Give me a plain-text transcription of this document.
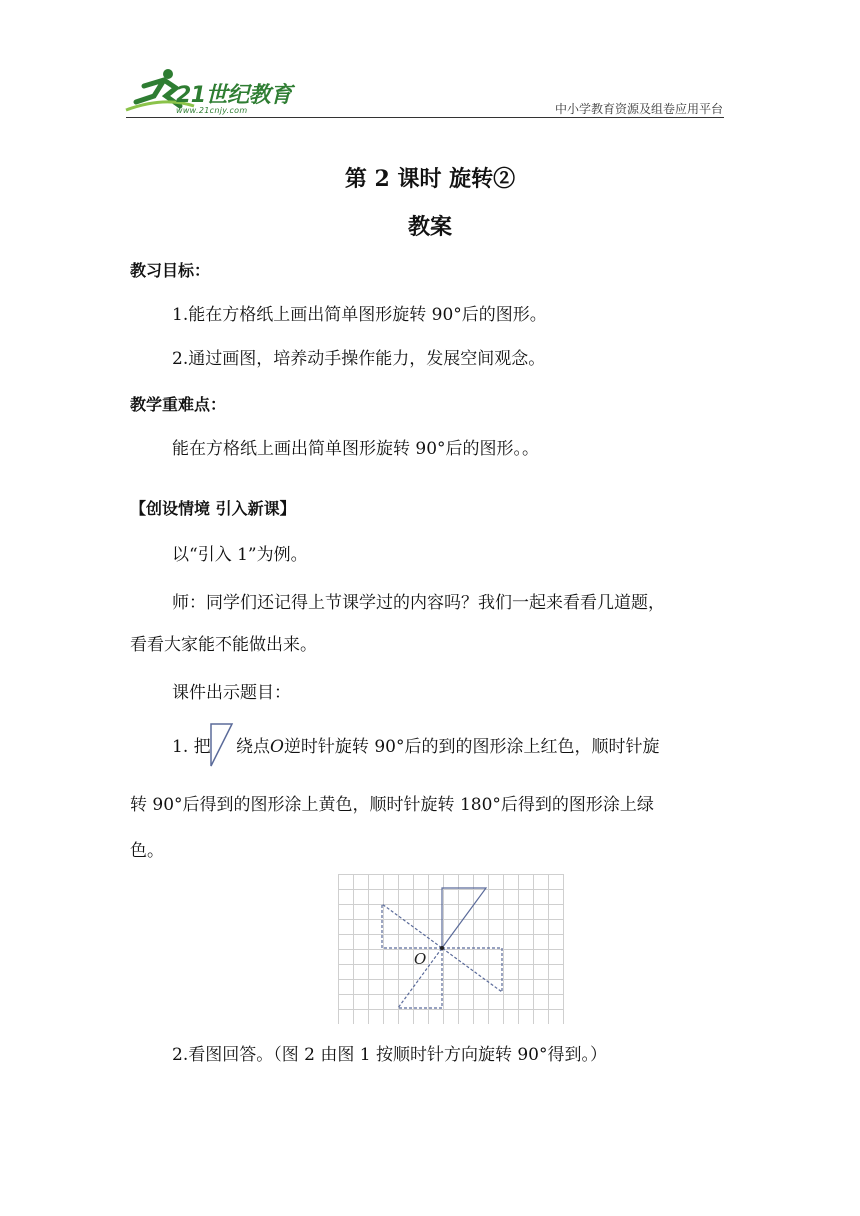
21世纪教育
www.21cnjy.com	中小学教育资源及组卷应用平台
第 2 课时 旋转②
教案
教习目标：
1.能在方格纸上画出简单图形旋转 90°后的图形。
2.通过画图，培养动手操作能力，发展空间观念。
教学重难点：
能在方格纸上画出简单图形旋转 90°后的图形。。
【创设情境 引入新课】
以“引入 1”为例。
师：同学们还记得上节课学过的内容吗？我们一起来看看几道题，
看看大家能不能做出来。
课件出示题目：
1. 把	绕点O逆时针旋转 90°后的到的图形涂上红色，顺时针旋
转 90°后得到的图形涂上黄色，顺时针旋转 180°后得到的图形涂上绿
色。
O
2.看图回答。（图 2 由图 1 按顺时针方向旋转 90°得到。）
